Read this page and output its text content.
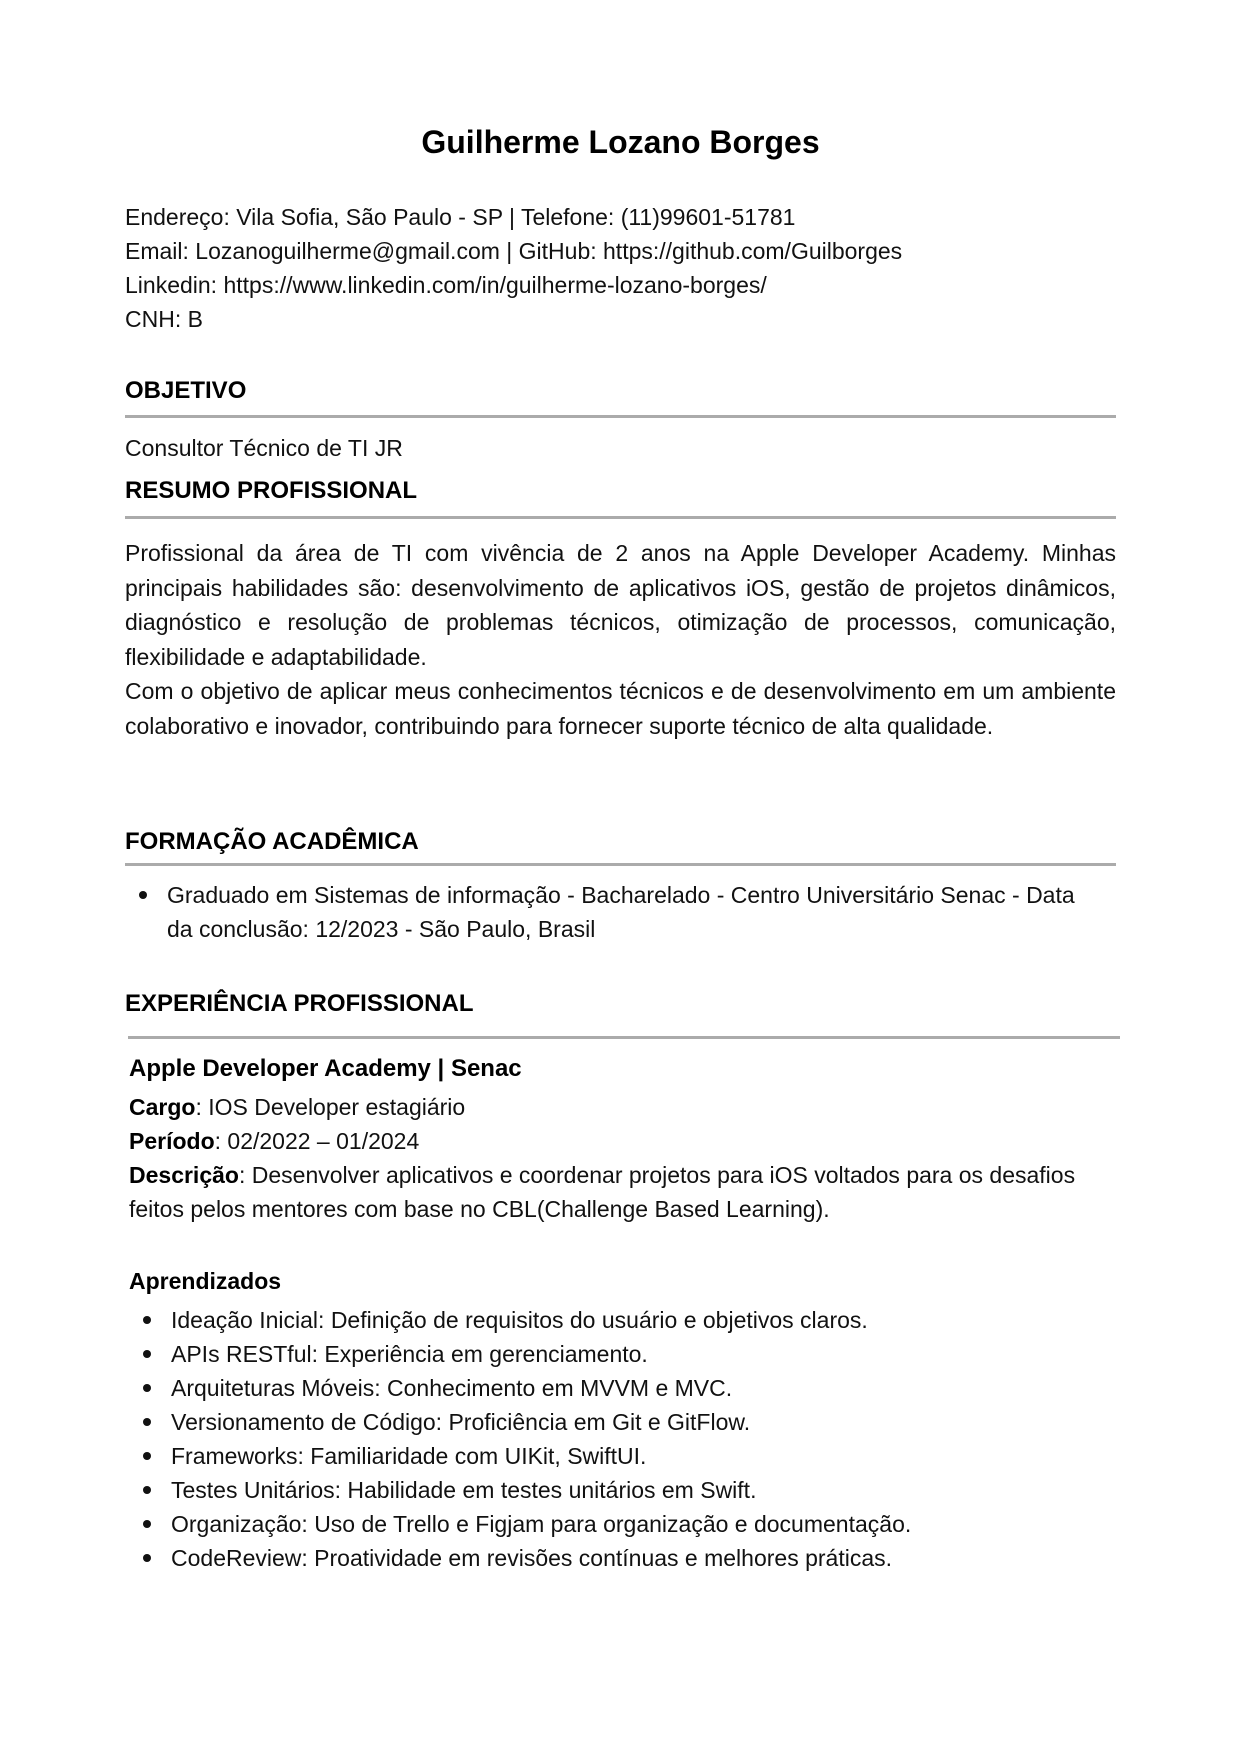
Guilherme Lozano Borges
Endereço: Vila Sofia, São Paulo - SP | Telefone: (11)99601-51781
Email: Lozanoguilherme@gmail.com | GitHub: https://github.com/Guilborges
Linkedin: https://www.linkedin.com/in/guilherme-lozano-borges/
CNH: B
OBJETIVO
Consultor Técnico de TI JR
RESUMO PROFISSIONAL

Profissional da área de TI com vivência de 2 anos na Apple Developer Academy. Minhas principais habilidades são: desenvolvimento de aplicativos iOS, gestão de projetos dinâmicos, diagnóstico e resolução de problemas técnicos, otimização de processos, comunicação, flexibilidade e adaptabilidade.

Com o objetivo de aplicar meus conhecimentos técnicos e de desenvolvimento em um ambiente colaborativo e inovador, contribuindo para fornecer suporte técnico de alta qualidade.

FORMAÇÃO ACADÊMICA
Graduado em Sistemas de informação - Bacharelado - Centro Universitário Senac - Data da conclusão: 12/2023 - São Paulo, Brasil
EXPERIÊNCIA PROFISSIONAL
Apple Developer Academy | Senac
Cargo: IOS Developer estagiário
Período: 02/2022 – 01/2024
Descrição: Desenvolver aplicativos e coordenar projetos para iOS voltados para os desafios feitos pelos mentores com base no CBL(Challenge Based Learning).
Aprendizados
Ideação Inicial: Definição de requisitos do usuário e objetivos claros.
APIs RESTful: Experiência em gerenciamento.
Arquiteturas Móveis: Conhecimento em MVVM e MVC.
Versionamento de Código: Proficiência em Git e GitFlow.
Frameworks: Familiaridade com UIKit, SwiftUI.
Testes Unitários: Habilidade em testes unitários em Swift.
Organização: Uso de Trello e Figjam para organização e documentação.
CodeReview: Proatividade em revisões contínuas e melhores práticas.
